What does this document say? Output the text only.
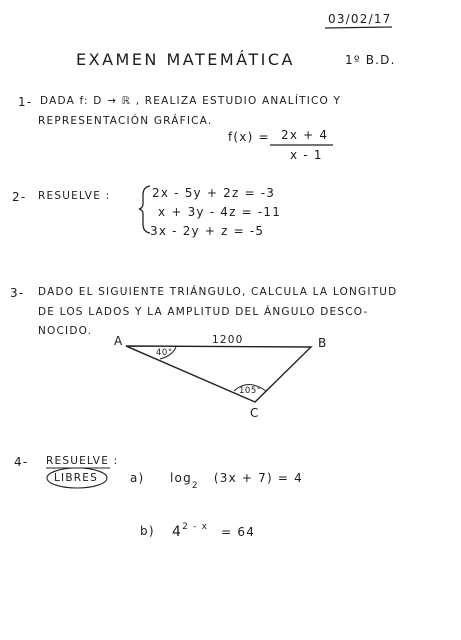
03/02/17
EXAMEN MATEMÁTICA	1º B.D.
1- DADA f: D → ℝ , REALIZA ESTUDIO ANALÍTICO Y
REPRESENTACIÓN GRÁFICA.
f(x) = 2x + 4
x - 1
2- RESUELVE :	2x - 5y + 2z = -3
x + 3y - 4z = -11
3x - 2y + z = -5
3- DADO EL SIGUIENTE TRIÁNGULO, CALCULA LA LONGITUD
DE LOS LADOS Y LA AMPLITUD DEL ÁNGULO DESCO-
NOCIDO.
A	B
C
1200
40°
105°
4- RESUELVE :
LIBRES	a) $\log_2 (3x + 7) = 4$
b) $4^{2 - x} = 64$
